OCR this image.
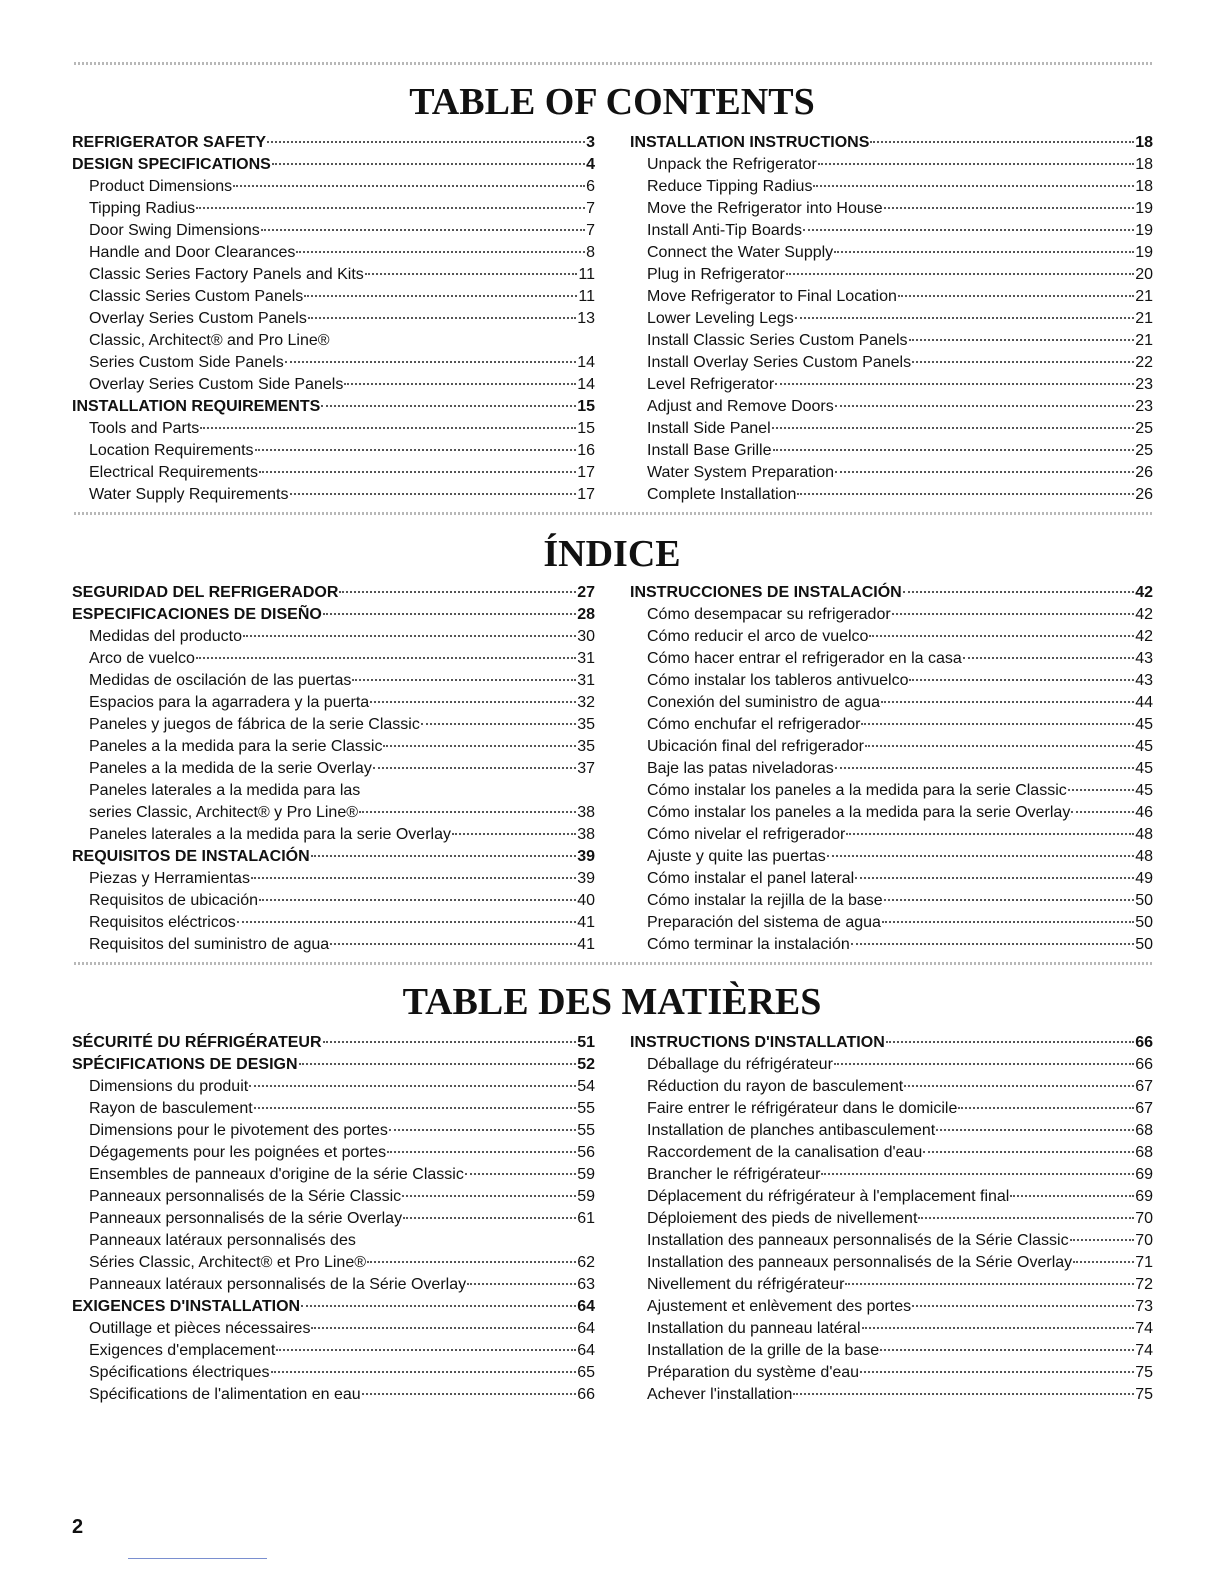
TABLE OF CONTENTS
REFRIGERATOR SAFETY	3
DESIGN SPECIFICATIONS	4
Product Dimensions	6
Tipping Radius	7
Door Swing Dimensions	7
Handle and Door Clearances	8
Classic Series Factory Panels and Kits	11
Classic Series Custom Panels	11
Overlay Series Custom Panels	13
Classic, Architect® and Pro Line®
Series Custom Side Panels	14
Overlay Series Custom Side Panels	14
INSTALLATION REQUIREMENTS	15
Tools and Parts	15
Location Requirements	16
Electrical Requirements	17
Water Supply Requirements	17
INSTALLATION INSTRUCTIONS	18
Unpack the Refrigerator	18
Reduce Tipping Radius	18
Move the Refrigerator into House	19
Install Anti-Tip Boards	19
Connect the Water Supply	19
Plug in Refrigerator	20
Move Refrigerator to Final Location	21
Lower Leveling Legs	21
Install Classic Series Custom Panels	21
Install Overlay Series Custom Panels	22
Level Refrigerator	23
Adjust and Remove Doors	23
Install Side Panel	25
Install Base Grille	25
Water System Preparation	26
Complete Installation	26
ÍNDICE
SEGURIDAD DEL REFRIGERADOR	27
ESPECIFICACIONES DE DISEÑO	28
Medidas del producto	30
Arco de vuelco	31
Medidas de oscilación de las puertas	31
Espacios para la agarradera y la puerta	32
Paneles y juegos de fábrica de la serie Classic	35
Paneles a la medida para la serie Classic	35
Paneles a la medida de la serie Overlay	37
Paneles laterales a la medida para las
series Classic, Architect® y Pro Line®	38
Paneles laterales a la medida para la serie Overlay	38
REQUISITOS DE INSTALACIÓN	39
Piezas y Herramientas	39
Requisitos de ubicación	40
Requisitos eléctricos	41
Requisitos del suministro de agua	41
INSTRUCCIONES DE INSTALACIÓN	42
Cómo desempacar su refrigerador	42
Cómo reducir el arco de vuelco	42
Cómo hacer entrar el refrigerador en la casa	43
Cómo instalar los tableros antivuelco	43
Conexión del suministro de agua	44
Cómo enchufar el refrigerador	45
Ubicación final del refrigerador	45
Baje las patas niveladoras	45
Cómo instalar los paneles a la medida para la serie Classic	45
Cómo instalar los paneles a la medida para la serie Overlay	46
Cómo nivelar el refrigerador	48
Ajuste y quite las puertas	48
Cómo instalar el panel lateral	49
Cómo instalar la rejilla de la base	50
Preparación del sistema de agua	50
Cómo terminar la instalación	50
TABLE DES MATIÈRES
SÉCURITÉ DU RÉFRIGÉRATEUR	51
SPÉCIFICATIONS DE DESIGN	52
Dimensions du produit	54
Rayon de basculement	55
Dimensions pour le pivotement des portes	55
Dégagements pour les poignées et portes	56
Ensembles de panneaux d'origine de la série Classic	59
Panneaux personnalisés de la Série Classic	59
Panneaux personnalisés de la série Overlay	61
Panneaux latéraux personnalisés des
Séries Classic, Architect® et Pro Line®	62
Panneaux latéraux personnalisés de la Série Overlay	63
EXIGENCES D'INSTALLATION	64
Outillage et pièces nécessaires	64
Exigences d'emplacement	64
Spécifications électriques	65
Spécifications de l'alimentation en eau	66
INSTRUCTIONS D'INSTALLATION	66
Déballage du réfrigérateur	66
Réduction du rayon de basculement	67
Faire entrer le réfrigérateur dans le domicile	67
Installation de planches antibasculement	68
Raccordement de la canalisation d'eau	68
Brancher le réfrigérateur	69
Déplacement du réfrigérateur à l'emplacement final	69
Déploiement des pieds de nivellement	70
Installation des panneaux personnalisés de la Série Classic	70
Installation des panneaux personnalisés de la Série Overlay	71
Nivellement du réfrigérateur	72
Ajustement et enlèvement des portes	73
Installation du panneau latéral	74
Installation de la grille de la base	74
Préparation du système d'eau	75
Achever l'installation	75
2
